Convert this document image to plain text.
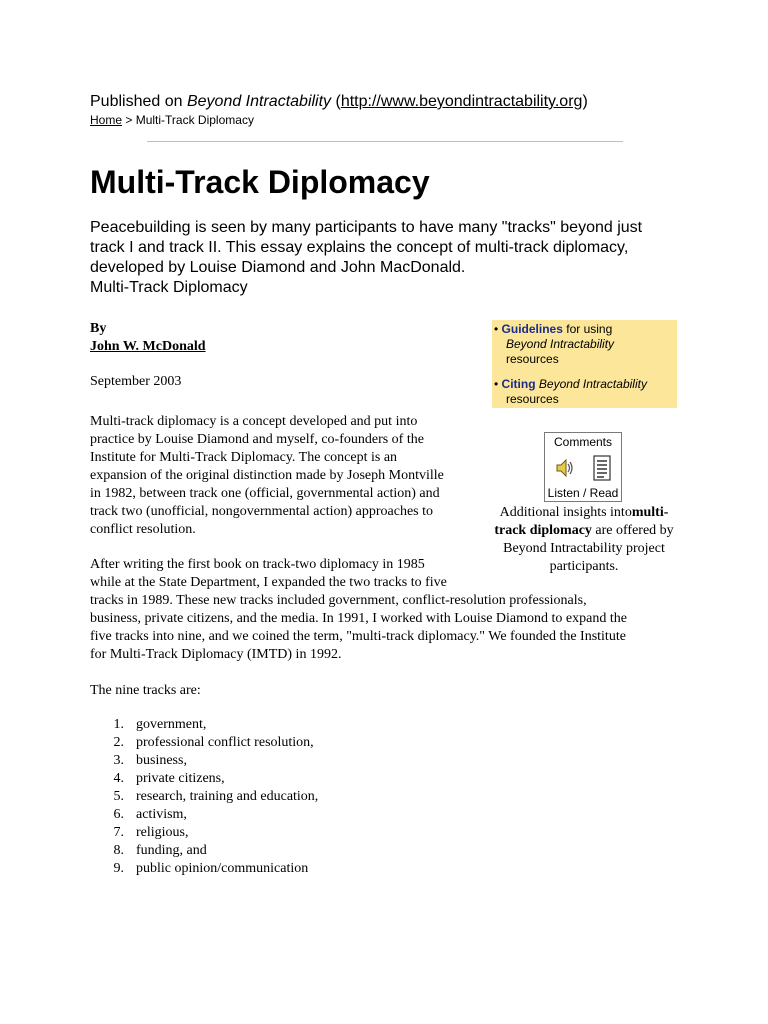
Published on Beyond Intractability (http://www.beyondintractability.org)
Home > Multi-Track Diplomacy
Multi-Track Diplomacy
Peacebuilding is seen by many participants to have many "tracks" beyond just
track I and track II. This essay explains the concept of multi-track diplomacy,
developed by Louise Diamond and John MacDonald.
Multi-Track Diplomacy
By
John W. McDonald
September 2003
• Guidelines for using
Beyond Intractability
resources
• Citing Beyond Intractability
resources
Comments
Listen / Read
Additional insights intomulti-track diplomacy are offered by Beyond Intractability project participants.
Multi-track diplomacy is a concept developed and put into
practice by Louise Diamond and myself, co-founders of the
Institute for Multi-Track Diplomacy. The concept is an
expansion of the original distinction made by Joseph Montville
in 1982, between track one (official, governmental action) and
track two (unofficial, nongovernmental action) approaches to
conflict resolution.
After writing the first book on track-two diplomacy in 1985
while at the State Department, I expanded the two tracks to five
tracks in 1989. These new tracks included government, conflict-resolution professionals,
business, private citizens, and the media. In 1991, I worked with Louise Diamond to expand the
five tracks into nine, and we coined the term, "multi-track diplomacy." We founded the Institute
for Multi-Track Diplomacy (IMTD) in 1992.
The nine tracks are:
1. government,
2. professional conflict resolution,
3. business,
4. private citizens,
5. research, training and education,
6. activism,
7. religious,
8. funding, and
9. public opinion/communication
